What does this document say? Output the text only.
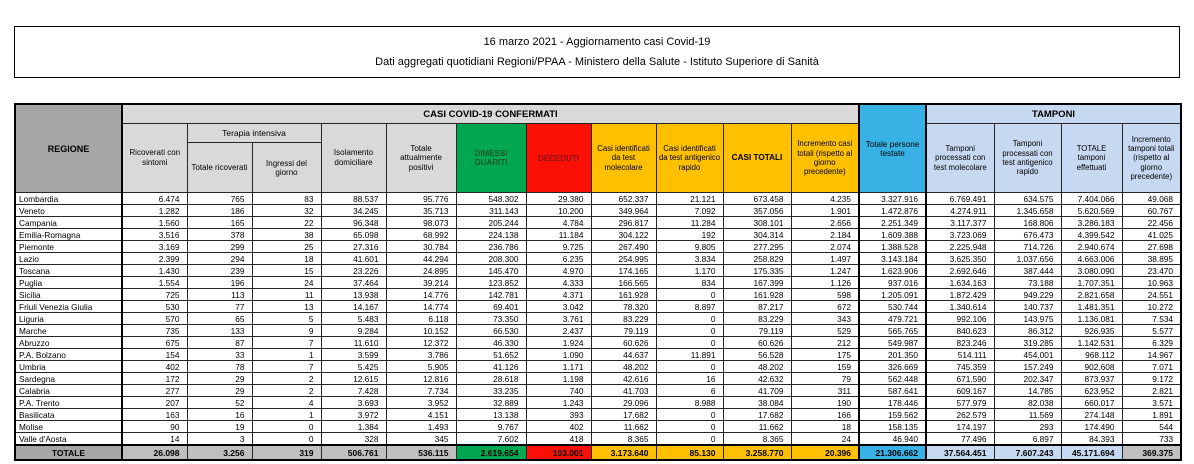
16 marzo 2021 - Aggiornamento casi Covid-19
Dati aggregati quotidiani Regioni/PPAA - Ministero della Salute - Istituto Superiore di Sanità
REGIONE	CASI COVID-19 CONFERMATI											Totale persone testate	TAMPONI			
	Ricoverati con sintomi	Terapia intensiva		Isolamento domiciliare	Totale attualmente positivi	DIMESSI GUARITI	DECEDUTI	Casi identificati da test molecolare	Casi identificati da test antigenico rapido	CASI TOTALI	Incremento casi totali (rispetto al giorno precedente)		Tamponi processati con test molecolare	Tamponi processati con test antigenico rapido	TOTALE tamponi effettuati	Incremento tamponi totali (rispetto al giorno precedente)
		Totale ricoverati	Ingressi del giorno													
Lombardia	6.474	765	83	88.537	95.776	548.302	29.380	652.337	21.121	673.458	4.235	3.327.916	6.769.491	634.575	7.404.066	49.068
Veneto	1.282	186	32	34.245	35.713	311.143	10.200	349.964	7.092	357.056	1.901	1.472.876	4.274.911	1.345.658	5.620.569	60.767
Campania	1.560	165	22	96.348	98.073	205.244	4.784	296.817	11.284	308.101	2.656	2.251.349	3.117.377	168.806	3.286.183	22.456
Emilia-Romagna	3.516	378	38	65.098	68.992	224.138	11.184	304.122	192	304.314	2.184	1.609.388	3.723.069	676.473	4.399.542	41.025
Piemonte	3.169	299	25	27.316	30.784	236.786	9.725	267.490	9.805	277.295	2.074	1.388.528	2.225.948	714.726	2.940.674	27.698
Lazio	2.399	294	18	41.601	44.294	208.300	6.235	254.995	3.834	258.829	1.497	3.143.184	3.625.350	1.037.656	4.663.006	38.895
Toscana	1.430	239	15	23.226	24.895	145.470	4.970	174.165	1.170	175.335	1.247	1.623.906	2.692.646	387.444	3.080.090	23.470
Puglia	1.554	196	24	37.464	39.214	123.852	4.333	166.565	834	167.399	1.126	937.016	1.634.163	73.188	1.707.351	10.963
Sicilia	725	113	11	13.938	14.776	142.781	4.371	161.928	0	161.928	598	1.205.091	1.872.429	949.229	2.821.658	24.551
Friuli Venezia Giulia	530	77	13	14.167	14.774	69.401	3.042	78.320	8.897	87.217	672	530.744	1.340.614	140.737	1.481.351	10.272
Liguria	570	65	5	5.483	6.118	73.350	3.761	83.229	0	83.229	343	479.721	992.106	143.975	1.136.081	7.534
Marche	735	133	9	9.284	10.152	66.530	2.437	79.119	0	79.119	529	565.765	840.623	86.312	926.935	5.577
Abruzzo	675	87	7	11.610	12.372	46.330	1.924	60.626	0	60.626	212	549.987	823.246	319.285	1.142.531	6.329
P.A. Bolzano	154	33	1	3.599	3.786	51.652	1.090	44.637	11.891	56.528	175	201.350	514.111	454.001	968.112	14.967
Umbria	402	78	7	5.425	5.905	41.126	1.171	48.202	0	48.202	159	326.669	745.359	157.249	902.608	7.071
Sardegna	172	29	2	12.615	12.816	28.618	1.198	42.616	16	42.632	79	562.448	671.590	202.347	873.937	9.172
Calabria	277	29	2	7.428	7.734	33.235	740	41.703	6	41.709	311	587.641	609.167	14.785	623.952	2.821
P.A. Trento	207	52	4	3.693	3.952	32.889	1.243	29.096	8.988	38.084	190	178.446	577.979	82.038	660.017	3.571
Basilicata	163	16	1	3.972	4.151	13.138	393	17.682	0	17.682	166	159.562	262.579	11.569	274.148	1.891
Molise	90	19	0	1.384	1.493	9.767	402	11.662	0	11.662	18	158.135	174.197	293	174.490	544
Valle d'Aosta	14	3	0	328	345	7.602	418	8.365	0	8.365	24	46.940	77.496	6.897	84.393	733
TOTALE	26.098	3.256	319	506.761	536.115	2.619.654	103.001	3.173.640	85.130	3.258.770	20.396	21.306.662	37.564.451	7.607.243	45.171.694	369.375
